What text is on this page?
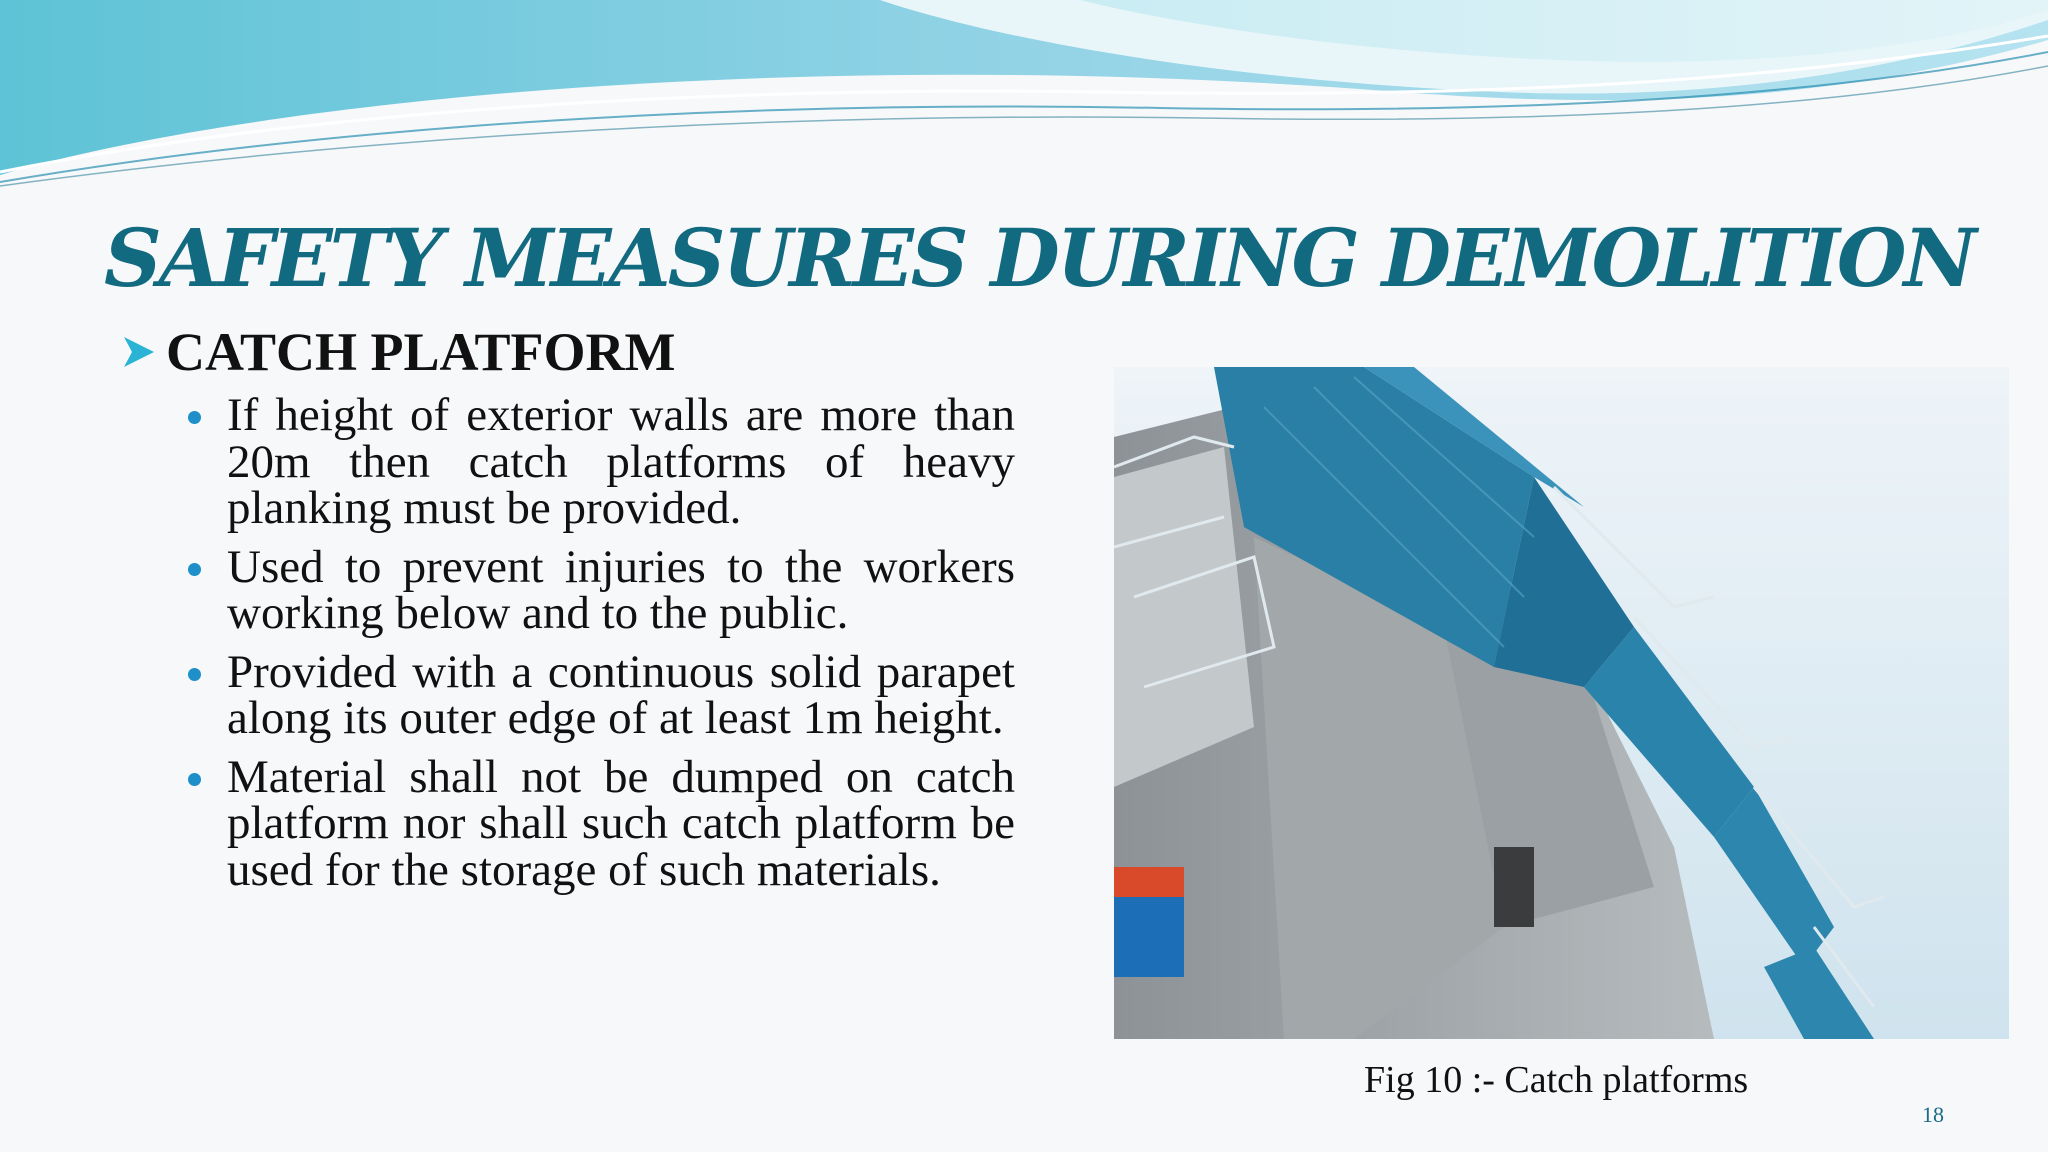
SAFETY MEASURES DURING DEMOLITION
CATCH PLATFORM
If height of exterior walls are more than 20m then catch platforms of heavy planking must be provided.
Used to prevent injuries to the workers working below and to the public.
Provided with a continuous solid parapet along its outer edge of at least 1m height.
Material shall not be dumped on catch platform nor shall such catch platform be used for the storage of such materials.
Fig 10 :- Catch platforms
18
